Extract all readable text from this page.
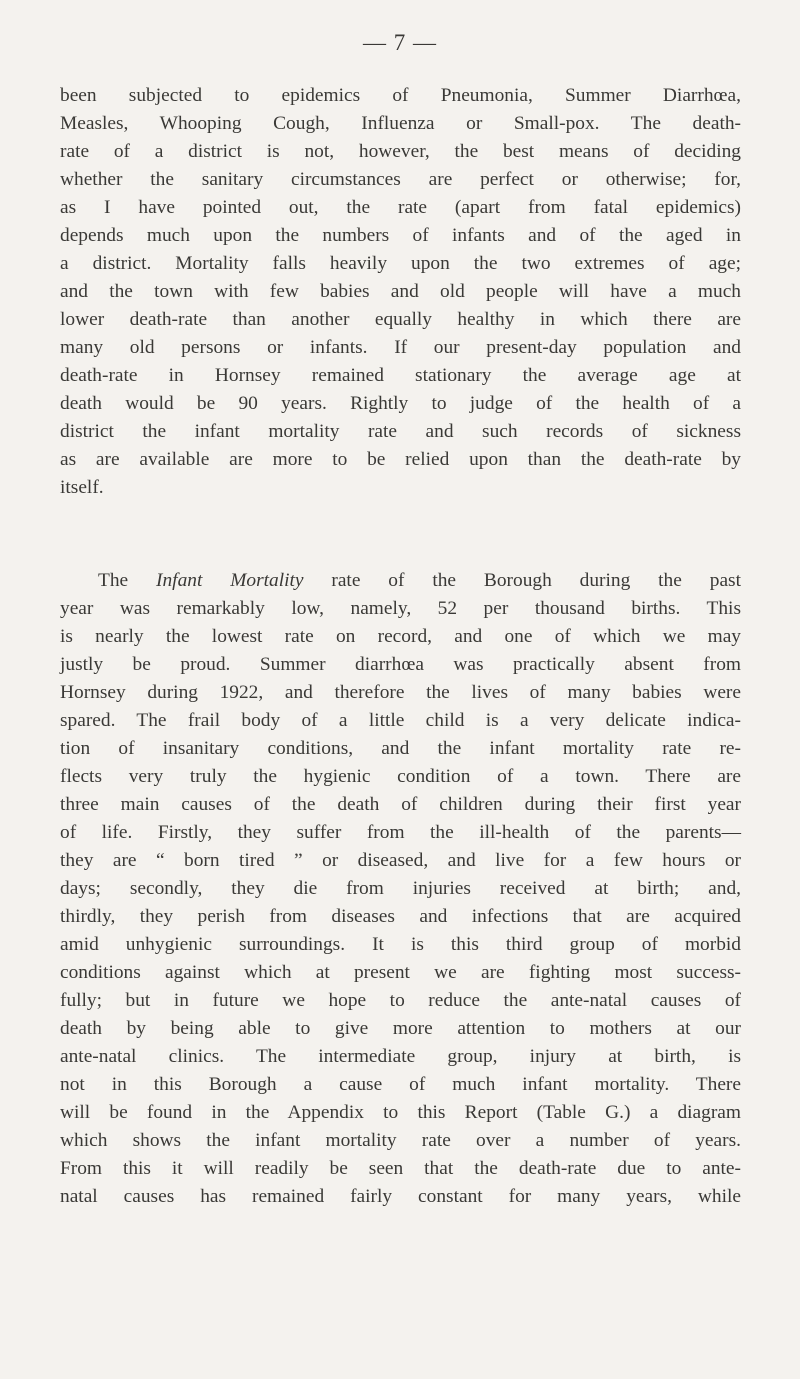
— 7 —
been subjected to epidemics of Pneumonia, Summer Diarrhœa,
Measles, Whooping Cough, Influenza or Small-pox. The death-
rate of a district is not, however, the best means of deciding
whether the sanitary circumstances are perfect or otherwise; for,
as I have pointed out, the rate (apart from fatal epidemics)
depends much upon the numbers of infants and of the aged in
a district. Mortality falls heavily upon the two extremes of age;
and the town with few babies and old people will have a much
lower death-rate than another equally healthy in which there are
many old persons or infants. If our present-day population and
death-rate in Hornsey remained stationary the average age at
death would be 90 years. Rightly to judge of the health of a
district the infant mortality rate and such records of sickness
as are available are more to be relied upon than the death-rate by
itself.
The Infant Mortality rate of the Borough during the past
year was remarkably low, namely, 52 per thousand births. This
is nearly the lowest rate on record, and one of which we may
justly be proud. Summer diarrhœa was practically absent from
Hornsey during 1922, and therefore the lives of many babies were
spared. The frail body of a little child is a very delicate indica-
tion of insanitary conditions, and the infant mortality rate re-
flects very truly the hygienic condition of a town. There are
three main causes of the death of children during their first year
of life. Firstly, they suffer from the ill-health of the parents—
they are “ born tired ” or diseased, and live for a few hours or
days; secondly, they die from injuries received at birth; and,
thirdly, they perish from diseases and infections that are acquired
amid unhygienic surroundings. It is this third group of morbid
conditions against which at present we are fighting most success-
fully; but in future we hope to reduce the ante-natal causes of
death by being able to give more attention to mothers at our
ante-natal clinics. The intermediate group, injury at birth, is
not in this Borough a cause of much infant mortality. There
will be found in the Appendix to this Report (Table G.) a diagram
which shows the infant mortality rate over a number of years.
From this it will readily be seen that the death-rate due to ante-
natal causes has remained fairly constant for many years, while
